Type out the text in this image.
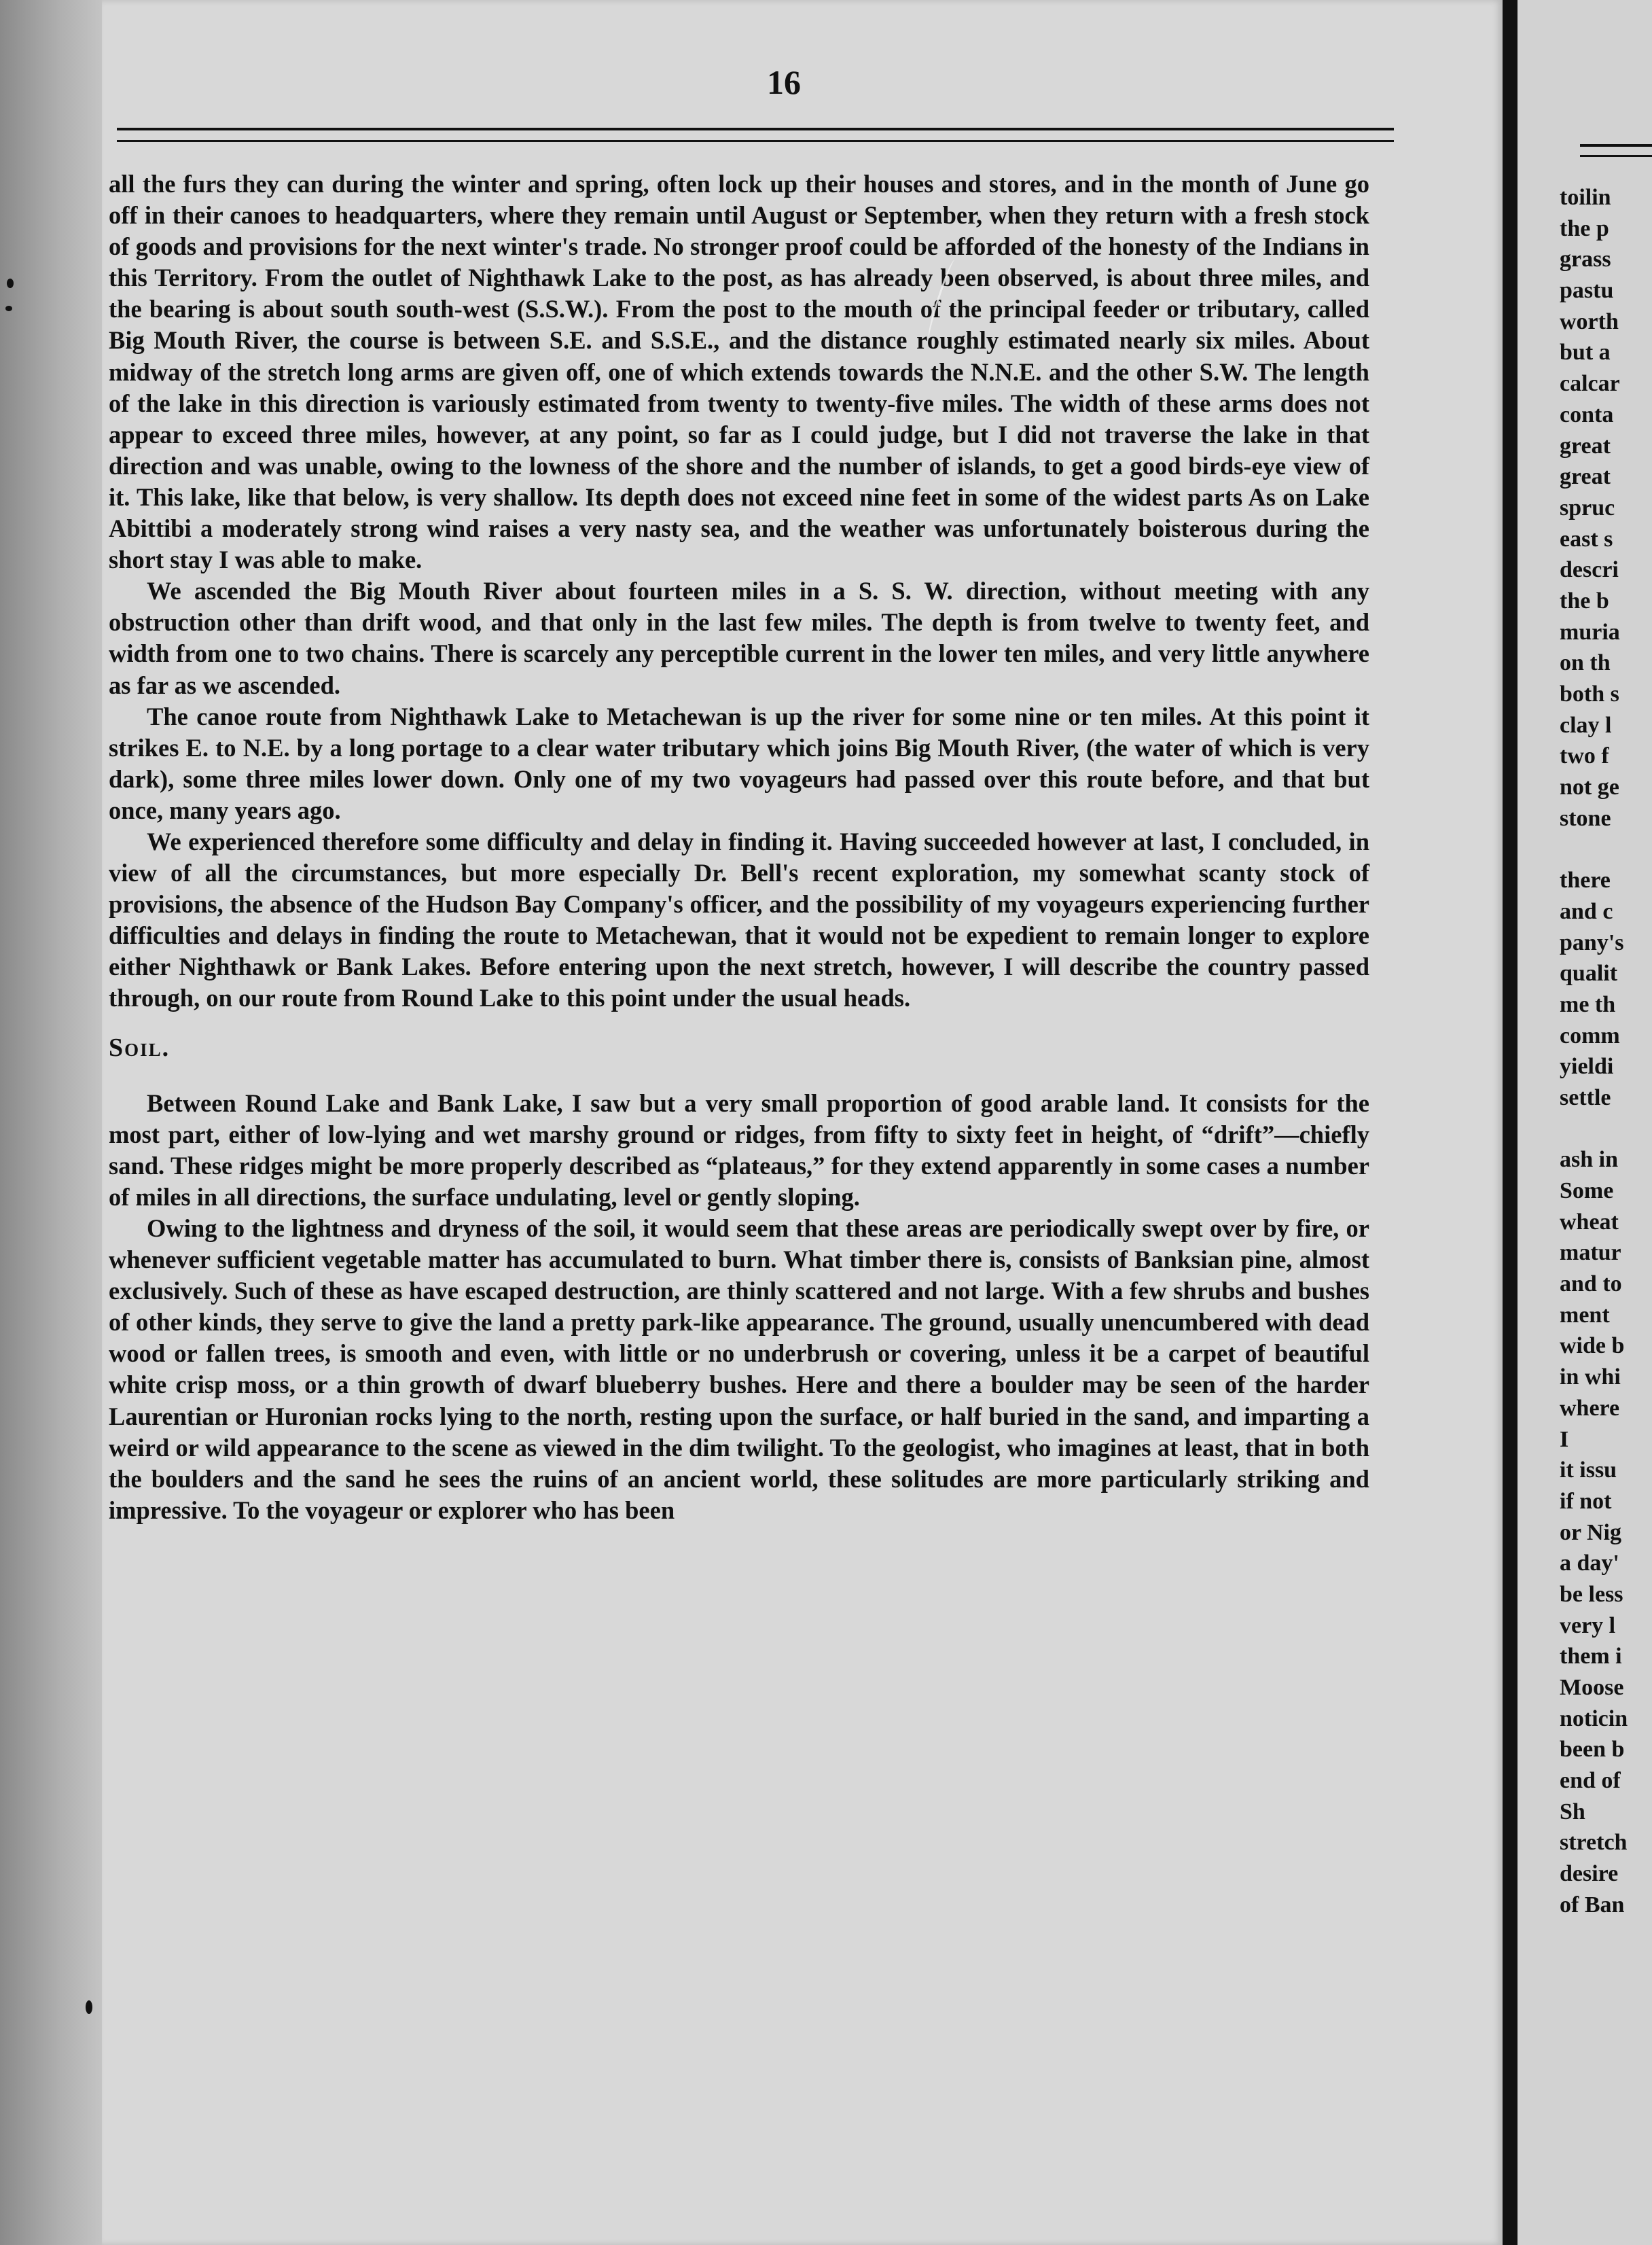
16

all the furs they can during the winter and spring, often lock up their houses and stores, and in the month of June go off in their canoes to headquarters, where they remain until August or September, when they return with a fresh stock of goods and provisions for the next winter's trade. No stronger proof could be afforded of the honesty of the Indians in this Territory. From the outlet of Nighthawk Lake to the post, as has already been observed, is about three miles, and the bearing is about south south-west (S.S.W.). From the post to the mouth of the principal feeder or tributary, called Big Mouth River, the course is between S.E. and S.S.E., and the distance roughly estimated nearly six miles. About midway of the stretch long arms are given off, one of which extends towards the N.N.E. and the other S.W. The length of the lake in this direction is variously estimated from twenty to twenty-five miles. The width of these arms does not appear to exceed three miles, however, at any point, so far as I could judge, but I did not traverse the lake in that direction and was unable, owing to the lowness of the shore and the number of islands, to get a good birds-eye view of it. This lake, like that below, is very shallow. Its depth does not exceed nine feet in some of the widest parts As on Lake Abittibi a moderately strong wind raises a very nasty sea, and the weather was unfortunately boisterous during the short stay I was able to make.

We ascended the Big Mouth River about fourteen miles in a S. S. W. direction, without meeting with any obstruction other than drift wood, and that only in the last few miles. The depth is from twelve to twenty feet, and width from one to two chains. There is scarcely any perceptible current in the lower ten miles, and very little anywhere as far as we ascended.

The canoe route from Nighthawk Lake to Metachewan is up the river for some nine or ten miles. At this point it strikes E. to N.E. by a long portage to a clear water tributary which joins Big Mouth River, (the water of which is very dark), some three miles lower down. Only one of my two voyageurs had passed over this route before, and that but once, many years ago.

We experienced therefore some difficulty and delay in finding it. Having succeeded however at last, I concluded, in view of all the circumstances, but more especially Dr. Bell's recent exploration, my somewhat scanty stock of provisions, the absence of the Hudson Bay Company's officer, and the possibility of my voyageurs experiencing further difficulties and delays in finding the route to Metachewan, that it would not be expedient to remain longer to explore either Nighthawk or Bank Lakes. Before entering upon the next stretch, however, I will describe the country passed through, on our route from Round Lake to this point under the usual heads.

Soil.

Between Round Lake and Bank Lake, I saw but a very small proportion of good arable land. It consists for the most part, either of low-lying and wet marshy ground or ridges, from fifty to sixty feet in height, of “drift”—chiefly sand. These ridges might be more properly described as “plateaus,” for they extend apparently in some cases a number of miles in all directions, the surface undulating, level or gently sloping.

Owing to the lightness and dryness of the soil, it would seem that these areas are periodically swept over by fire, or whenever sufficient vegetable matter has accumulated to burn. What timber there is, consists of Banksian pine, almost exclusively. Such of these as have escaped destruction, are thinly scattered and not large. With a few shrubs and bushes of other kinds, they serve to give the land a pretty park-like appearance. The ground, usually unencumbered with dead wood or fallen trees, is smooth and even, with little or no underbrush or covering, unless it be a carpet of beautiful white crisp moss, or a thin growth of dwarf blueberry bushes. Here and there a boulder may be seen of the harder Laurentian or Huronian rocks lying to the north, resting upon the surface, or half buried in the sand, and imparting a weird or wild appearance to the scene as viewed in the dim twilight. To the geologist, who imagines at least, that in both the boulders and the sand he sees the ruins of an ancient world, these solitudes are more particularly striking and impressive. To the voyageur or explorer who has been

toilin
the p
grass
pastu
worth
but a
calcar
conta
great
great
spruc
east s
descri
the b
muria
on th
both s
clay l
two f
not ge
stone
there
and c
pany's
qualit
me th
comm
yieldi
settle
ash in
Some
wheat
matur
and to
ment
wide b
in whi
where
I
it issu
if not
or Nig
a day'
be less
very l
them i
Moose
noticin
been b
end of
Sh
stretch
desire
of Ban
